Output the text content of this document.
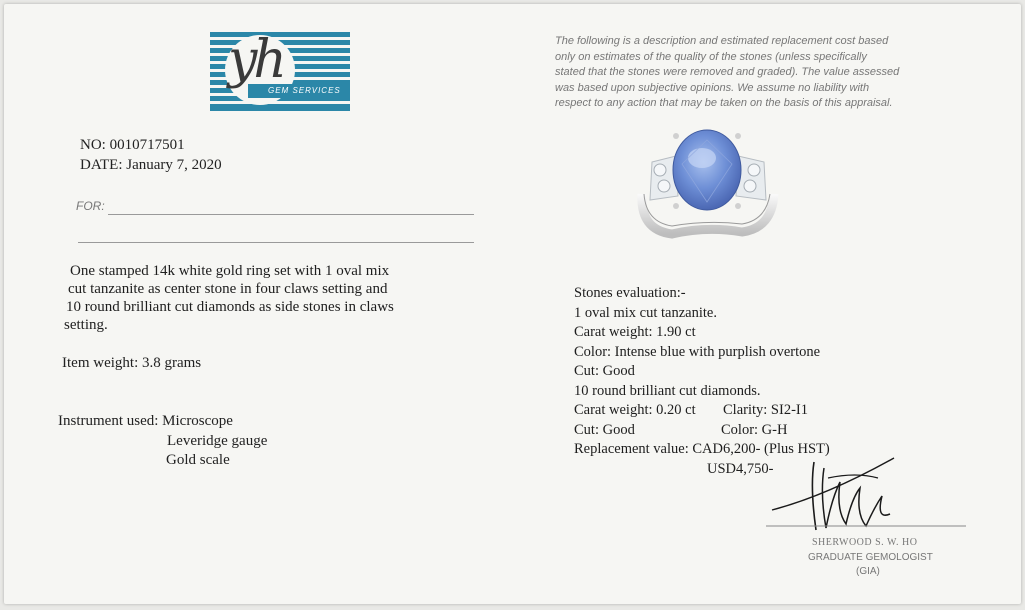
yh
GEM SERVICES
NO: 0010717501
DATE: January 7, 2020
FOR:
The following is a description and estimated replacement cost based
only on estimates of the quality of the stones (unless specifically
stated that the stones were removed and graded). The value assessed
was based upon subjective opinions. We assume no liability with
respect to any action that may be taken on the basis of this appraisal.
One stamped 14k white gold ring set with 1 oval mix
cut tanzanite as center stone in four claws setting and
10 round brilliant cut diamonds as side stones in claws
setting.
Item weight: 3.8 grams
Instrument used: Microscope
Leveridge gauge
Gold scale
Stones evaluation:-
1 oval mix cut tanzanite.
Carat weight: 1.90 ct
Color: Intense blue with purplish overtone
Cut: Good
10 round brilliant cut diamonds.
Carat weight: 0.20 ct Clarity: SI2-I1
Cut: Good	Color: G-H
Replacement value: CAD6,200- (Plus HST)
USD4,750-
SHERWOOD S. W. HO
GRADUATE GEMOLOGIST
(GIA)
